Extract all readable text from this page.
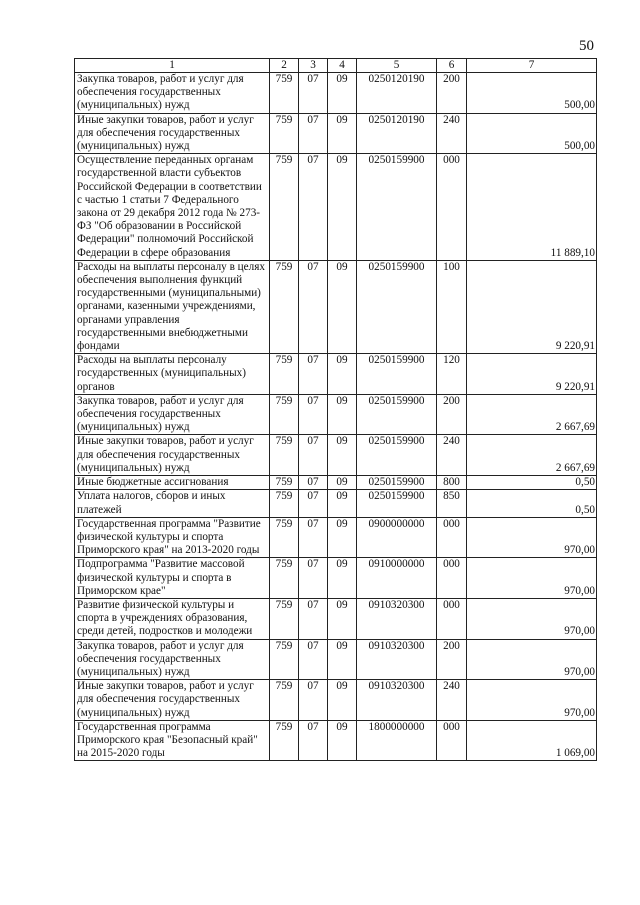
50
1	2	3	4	5	6	7
Закупка товаров, работ и услуг для обеспечения государственных (муниципальных) нужд	759	07	09	0250120190	200	500,00
Иные закупки товаров, работ и услуг для обеспечения государственных (муниципальных) нужд	759	07	09	0250120190	240	500,00
Осуществление переданных органам государственной власти субъектов Российской Федерации в соответствии с частью 1 статьи 7 Федерального закона от 29 декабря 2012 года № 273-ФЗ "Об образовании в Российской Федерации" полномочий Российской Федерации в сфере образования	759	07	09	0250159900	000	11 889,10
Расходы на выплаты персоналу в целях обеспечения выполнения функций государственными (муниципальными) органами, казенными учреждениями, органами управления государственными внебюджетными фондами	759	07	09	0250159900	100	9 220,91
Расходы на выплаты персоналу государственных (муниципальных) органов	759	07	09	0250159900	120	9 220,91
Закупка товаров, работ и услуг для обеспечения государственных (муниципальных) нужд	759	07	09	0250159900	200	2 667,69
Иные закупки товаров, работ и услуг для обеспечения государственных (муниципальных) нужд	759	07	09	0250159900	240	2 667,69
Иные бюджетные ассигнования	759	07	09	0250159900	800	0,50
Уплата налогов, сборов и иных платежей	759	07	09	0250159900	850	0,50
Государственная программа "Развитие физической культуры и спорта Приморского края" на 2013-2020 годы	759	07	09	0900000000	000	970,00
Подпрограмма "Развитие массовой физической культуры и спорта в Приморском крае"	759	07	09	0910000000	000	970,00
Развитие физической культуры и спорта в учреждениях образования, среди детей, подростков и молодежи	759	07	09	0910320300	000	970,00
Закупка товаров, работ и услуг для обеспечения государственных (муниципальных) нужд	759	07	09	0910320300	200	970,00
Иные закупки товаров, работ и услуг для обеспечения государственных (муниципальных) нужд	759	07	09	0910320300	240	970,00
Государственная программа Приморского края "Безопасный край" на 2015-2020 годы	759	07	09	1800000000	000	1 069,00
